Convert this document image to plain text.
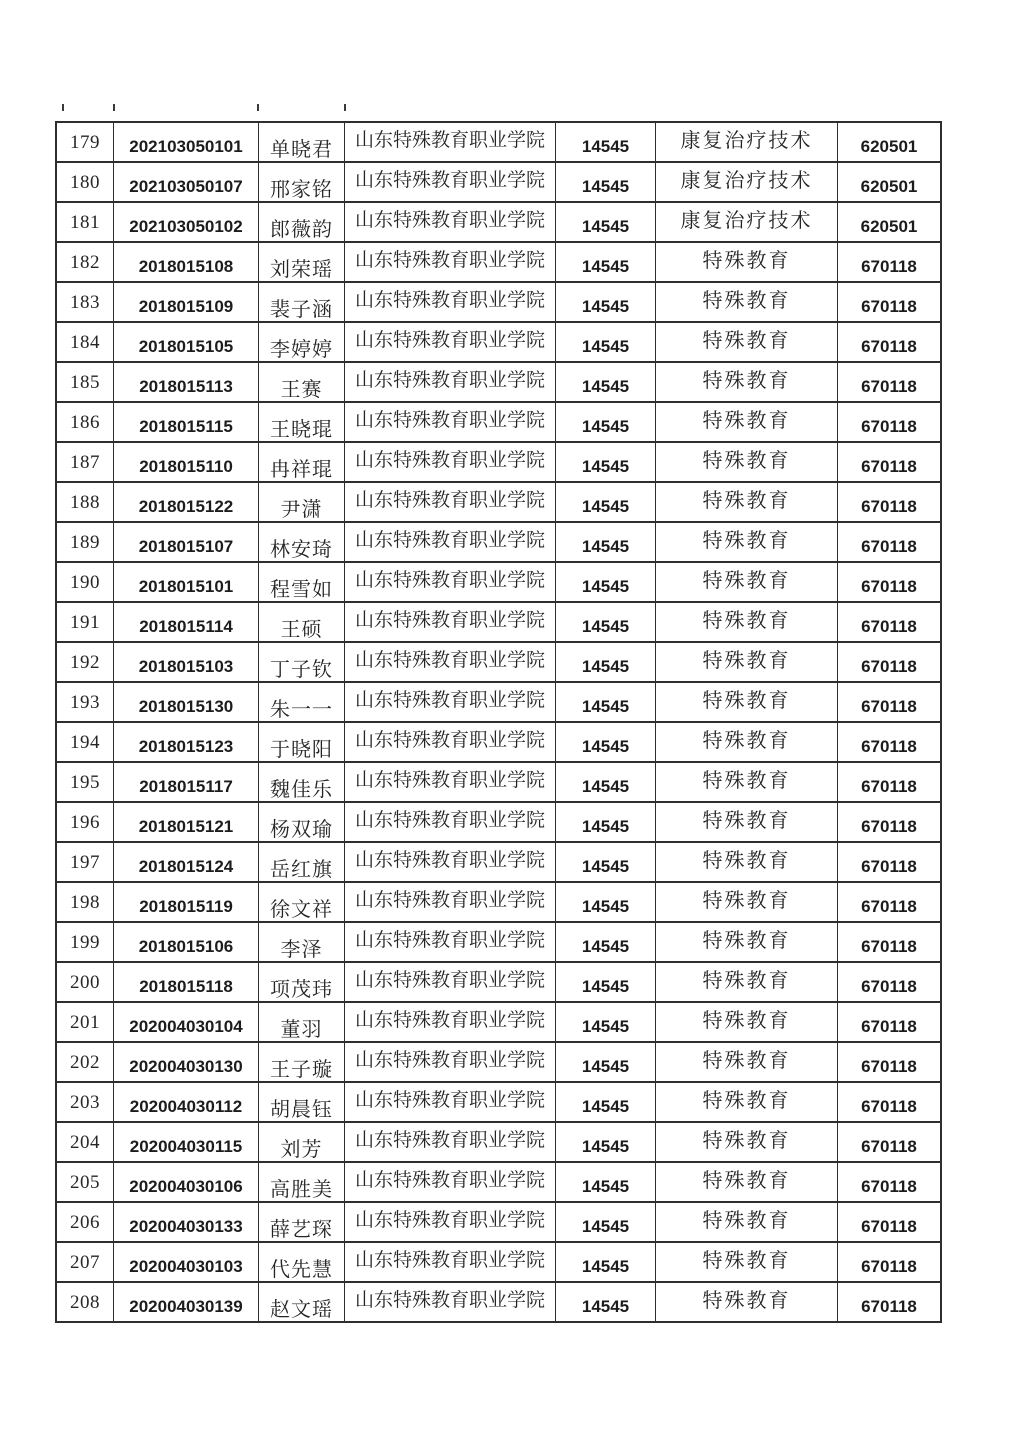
179 202103050101 单晓君 山东特殊教育职业学院 14545	康复治疗技术	620501
180 202103050107 邢家铭 山东特殊教育职业学院 14545	康复治疗技术	620501
181 202103050102 郎薇韵 山东特殊教育职业学院 14545	康复治疗技术	620501
182 2018015108 刘荣瑶 山东特殊教育职业学院 14545	特殊教育	670118
183 2018015109 裴子涵 山东特殊教育职业学院 14545	特殊教育	670118
184 2018015105 李婷婷 山东特殊教育职业学院 14545	特殊教育	670118
185 2018015113 王赛 山东特殊教育职业学院 14545	特殊教育	670118
186 2018015115 王晓琨 山东特殊教育职业学院 14545	特殊教育	670118
187 2018015110 冉祥琨 山东特殊教育职业学院 14545	特殊教育	670118
188 2018015122 尹潇 山东特殊教育职业学院 14545	特殊教育	670118
189 2018015107 林安琦 山东特殊教育职业学院 14545	特殊教育	670118
190 2018015101 程雪如 山东特殊教育职业学院 14545	特殊教育	670118
191 2018015114 王硕 山东特殊教育职业学院 14545	特殊教育	670118
192 2018015103 丁子钦 山东特殊教育职业学院 14545	特殊教育	670118
193 2018015130 朱一一 山东特殊教育职业学院 14545	特殊教育	670118
194 2018015123 于晓阳 山东特殊教育职业学院 14545	特殊教育	670118
195 2018015117 魏佳乐 山东特殊教育职业学院 14545	特殊教育	670118
196 2018015121 杨双瑜 山东特殊教育职业学院 14545	特殊教育	670118
197 2018015124 岳红旗 山东特殊教育职业学院 14545	特殊教育	670118
198 2018015119 徐文祥 山东特殊教育职业学院 14545	特殊教育	670118
199 2018015106 李泽 山东特殊教育职业学院 14545	特殊教育	670118
200 2018015118 项茂玮 山东特殊教育职业学院 14545	特殊教育	670118
201 202004030104 董羽 山东特殊教育职业学院 14545	特殊教育	670118
202 202004030130 王子璇 山东特殊教育职业学院 14545	特殊教育	670118
203 202004030112 胡晨钰 山东特殊教育职业学院 14545	特殊教育	670118
204 202004030115 刘芳 山东特殊教育职业学院 14545	特殊教育	670118
205 202004030106 高胜美 山东特殊教育职业学院 14545	特殊教育	670118
206 202004030133 薛艺琛 山东特殊教育职业学院 14545	特殊教育	670118
207 202004030103 代先慧 山东特殊教育职业学院 14545	特殊教育	670118
208 202004030139 赵文瑶 山东特殊教育职业学院 14545	特殊教育	670118
